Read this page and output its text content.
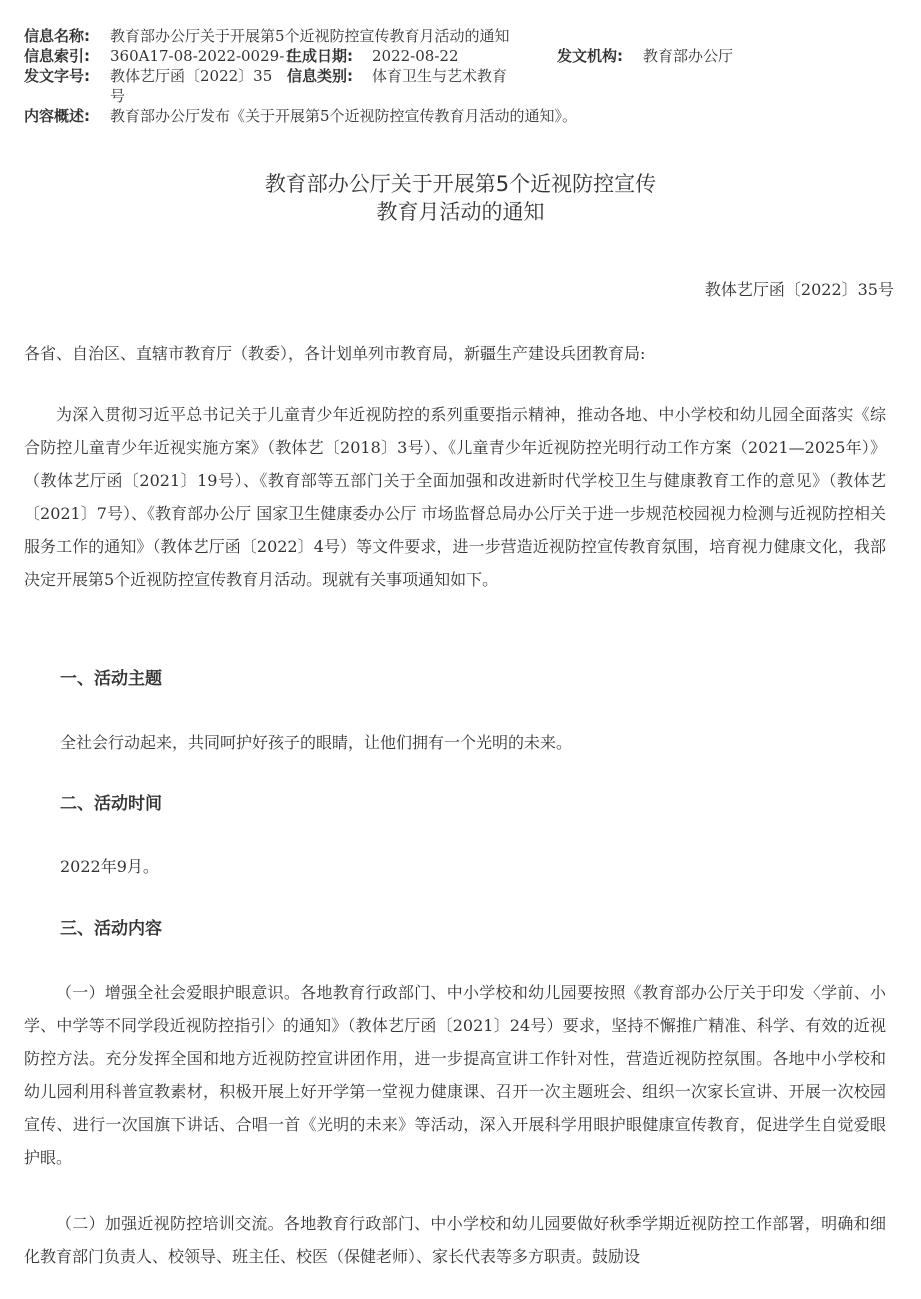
信息名称: 教育部办公厅关于开展第5个近视防控宣传教育月活动的通知
信息索引: 360A17-08-2022-0029-1
生成日期: 2022-08-22	发文机构: 教育部办公厅
发文字号: 教体艺厅函〔2022〕35 信息类别: 体育卫生与艺术教育
号
内容概述: 教育部办公厅发布《关于开展第5个近视防控宣传教育月活动的通知》。
教育部办公厅关于开展第5个近视防控宣传
教育月活动的通知
教体艺厅函〔2022〕35号
各省、自治区、直辖市教育厅（教委），各计划单列市教育局，新疆生产建设兵团教育局:
为深入贯彻习近平总书记关于儿童青少年近视防控的系列重要指示精神，推动各地、中小学校和幼儿园全面落实《综合防控儿童青少年近视实施方案》（教体艺〔2018〕3号）、《儿童青少年近视防控光明行动工作方案（2021—2025年）》（教体艺厅函〔2021〕19号）、《教育部等五部门关于全面加强和改进新时代学校卫生与健康教育工作的意见》（教体艺〔2021〕7号）、《教育部办公厅 国家卫生健康委办公厅 市场监督总局办公厅关于进一步规范校园视力检测与近视防控相关服务工作的通知》（教体艺厅函〔2022〕4号）等文件要求，进一步营造近视防控宣传教育氛围，培育视力健康文化，我部决定开展第5个近视防控宣传教育月活动。现就有关事项通知如下。
一、活动主题
全社会行动起来，共同呵护好孩子的眼睛，让他们拥有一个光明的未来。
二、活动时间
2022年9月。
三、活动内容
（一）增强全社会爱眼护眼意识。各地教育行政部门、中小学校和幼儿园要按照《教育部办公厅关于印发〈学前、小学、中学等不同学段近视防控指引〉的通知》（教体艺厅函〔2021〕24号）要求，坚持不懈推广精准、科学、有效的近视防控方法。充分发挥全国和地方近视防控宣讲团作用，进一步提高宣讲工作针对性，营造近视防控氛围。各地中小学校和幼儿园利用科普宣教素材，积极开展上好开学第一堂视力健康课、召开一次主题班会、组织一次家长宣讲、开展一次校园宣传、进行一次国旗下讲话、合唱一首《光明的未来》等活动，深入开展科学用眼护眼健康宣传教育，促进学生自觉爱眼护眼。
（二）加强近视防控培训交流。各地教育行政部门、中小学校和幼儿园要做好秋季学期近视防控工作部署，明确和细化教育部门负责人、校领导、班主任、校医（保健老师）、家长代表等多方职责。鼓励设
